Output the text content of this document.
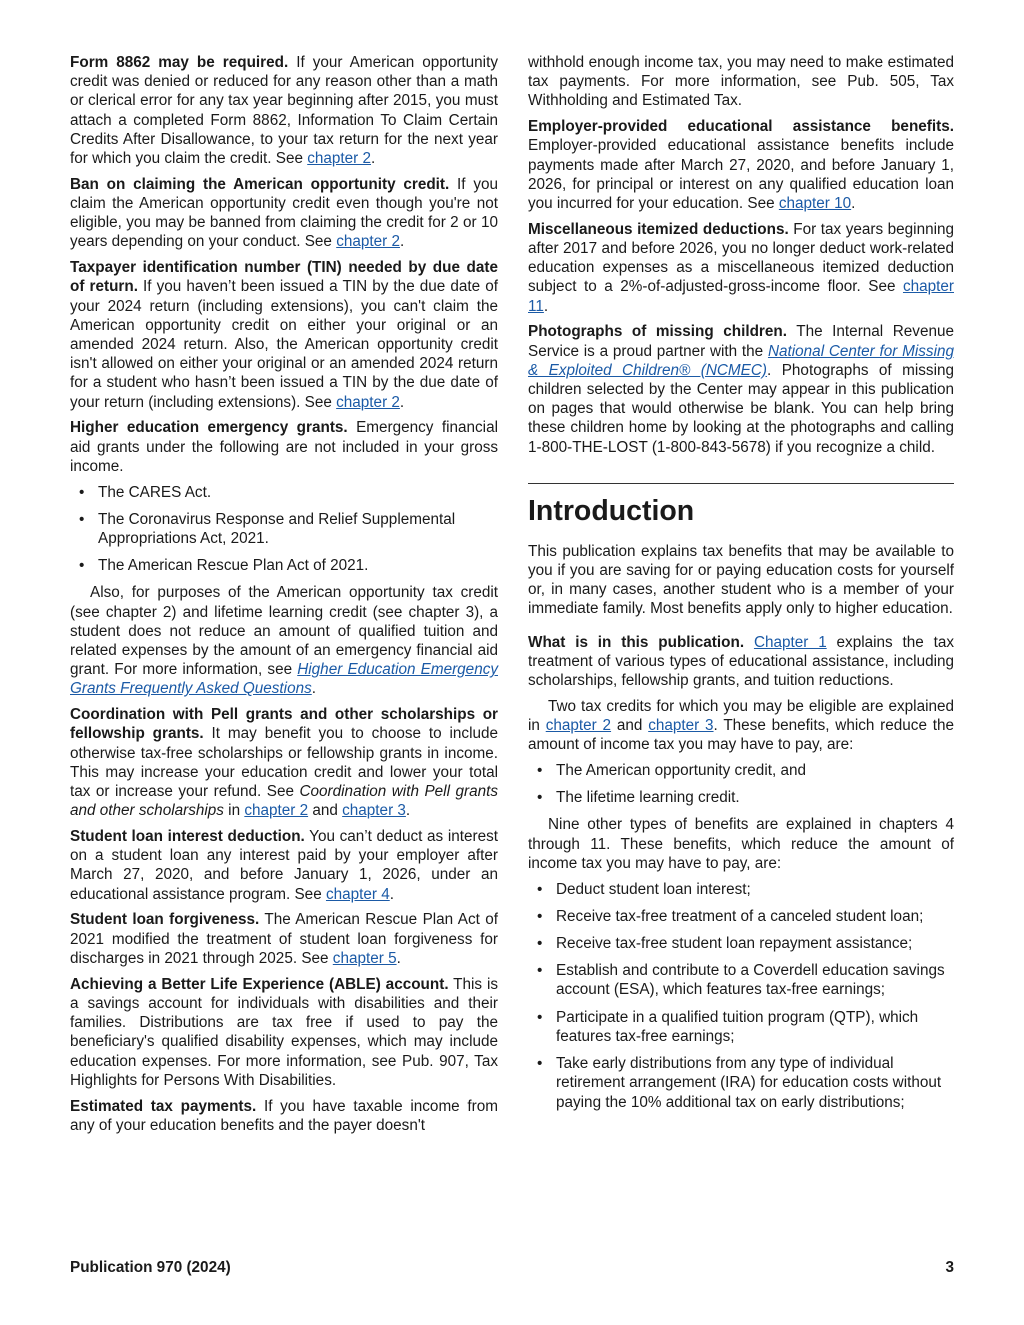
Form 8862 may be required. If your American opportunity credit was denied or reduced for any reason other than a math or clerical error for any tax year beginning after 2015, you must attach a completed Form 8862, Information To Claim Certain Credits After Disallowance, to your tax return for the next year for which you claim the credit. See chapter 2.

Ban on claiming the American opportunity credit. If you claim the American opportunity credit even though you're not eligible, you may be banned from claiming the credit for 2 or 10 years depending on your conduct. See chapter 2.

Taxpayer identification number (TIN) needed by due date of return. If you haven’t been issued a TIN by the due date of your 2024 return (including extensions), you can't claim the American opportunity credit on either your original or an amended 2024 return. Also, the American opportunity credit isn't allowed on either your original or an amended 2024 return for a student who hasn’t been issued a TIN by the due date of your return (including extensions). See chapter 2.

Higher education emergency grants. Emergency financial aid grants under the following are not included in your gross income.

• The CARES Act.
• The Coronavirus Response and Relief Supplemental Appropriations Act, 2021.
• The American Rescue Plan Act of 2021.

Also, for purposes of the American opportunity tax credit (see chapter 2) and lifetime learning credit (see chapter 3), a student does not reduce an amount of qualified tuition and related expenses by the amount of an emergency financial aid grant. For more information, see Higher Education Emergency Grants Frequently Asked Questions.

Coordination with Pell grants and other scholarships or fellowship grants. It may benefit you to choose to include otherwise tax-free scholarships or fellowship grants in income. This may increase your education credit and lower your total tax or increase your refund. See Coordination with Pell grants and other scholarships in chapter 2 and chapter 3.

Student loan interest deduction. You can’t deduct as interest on a student loan any interest paid by your employer after March 27, 2020, and before January 1, 2026, under an educational assistance program. See chapter 4.

Student loan forgiveness. The American Rescue Plan Act of 2021 modified the treatment of student loan forgiveness for discharges in 2021 through 2025. See chapter 5.

Achieving a Better Life Experience (ABLE) account. This is a savings account for individuals with disabilities and their families. Distributions are tax free if used to pay the beneficiary's qualified disability expenses, which may include education expenses. For more information, see Pub. 907, Tax Highlights for Persons With Disabilities.

Estimated tax payments. If you have taxable income from any of your education benefits and the payer doesn't

withhold enough income tax, you may need to make estimated tax payments. For more information, see Pub. 505, Tax Withholding and Estimated Tax.

Employer-provided educational assistance benefits. Employer-provided educational assistance benefits include payments made after March 27, 2020, and before January 1, 2026, for principal or interest on any qualified education loan you incurred for your education. See chapter 10.

Miscellaneous itemized deductions. For tax years beginning after 2017 and before 2026, you no longer deduct work-related education expenses as a miscellaneous itemized deduction subject to a 2%-of-adjusted-gross-income floor. See chapter 11.

Photographs of missing children. The Internal Revenue Service is a proud partner with the National Center for Missing & Exploited Children® (NCMEC). Photographs of missing children selected by the Center may appear in this publication on pages that would otherwise be blank. You can help bring these children home by looking at the photographs and calling 1-800-THE-LOST (1-800-843-5678) if you recognize a child.

Introduction

This publication explains tax benefits that may be available to you if you are saving for or paying education costs for yourself or, in many cases, another student who is a member of your immediate family. Most benefits apply only to higher education.

What is in this publication. Chapter 1 explains the tax treatment of various types of educational assistance, including scholarships, fellowship grants, and tuition reductions.

Two tax credits for which you may be eligible are explained in chapter 2 and chapter 3. These benefits, which reduce the amount of income tax you may have to pay, are:

• The American opportunity credit, and
• The lifetime learning credit.

Nine other types of benefits are explained in chapters 4 through 11. These benefits, which reduce the amount of income tax you may have to pay, are:

• Deduct student loan interest;
• Receive tax-free treatment of a canceled student loan;
• Receive tax-free student loan repayment assistance;
• Establish and contribute to a Coverdell education savings account (ESA), which features tax-free earnings;
• Participate in a qualified tuition program (QTP), which features tax-free earnings;
• Take early distributions from any type of individual retirement arrangement (IRA) for education costs without paying the 10% additional tax on early distributions;
Publication 970 (2024)	3
